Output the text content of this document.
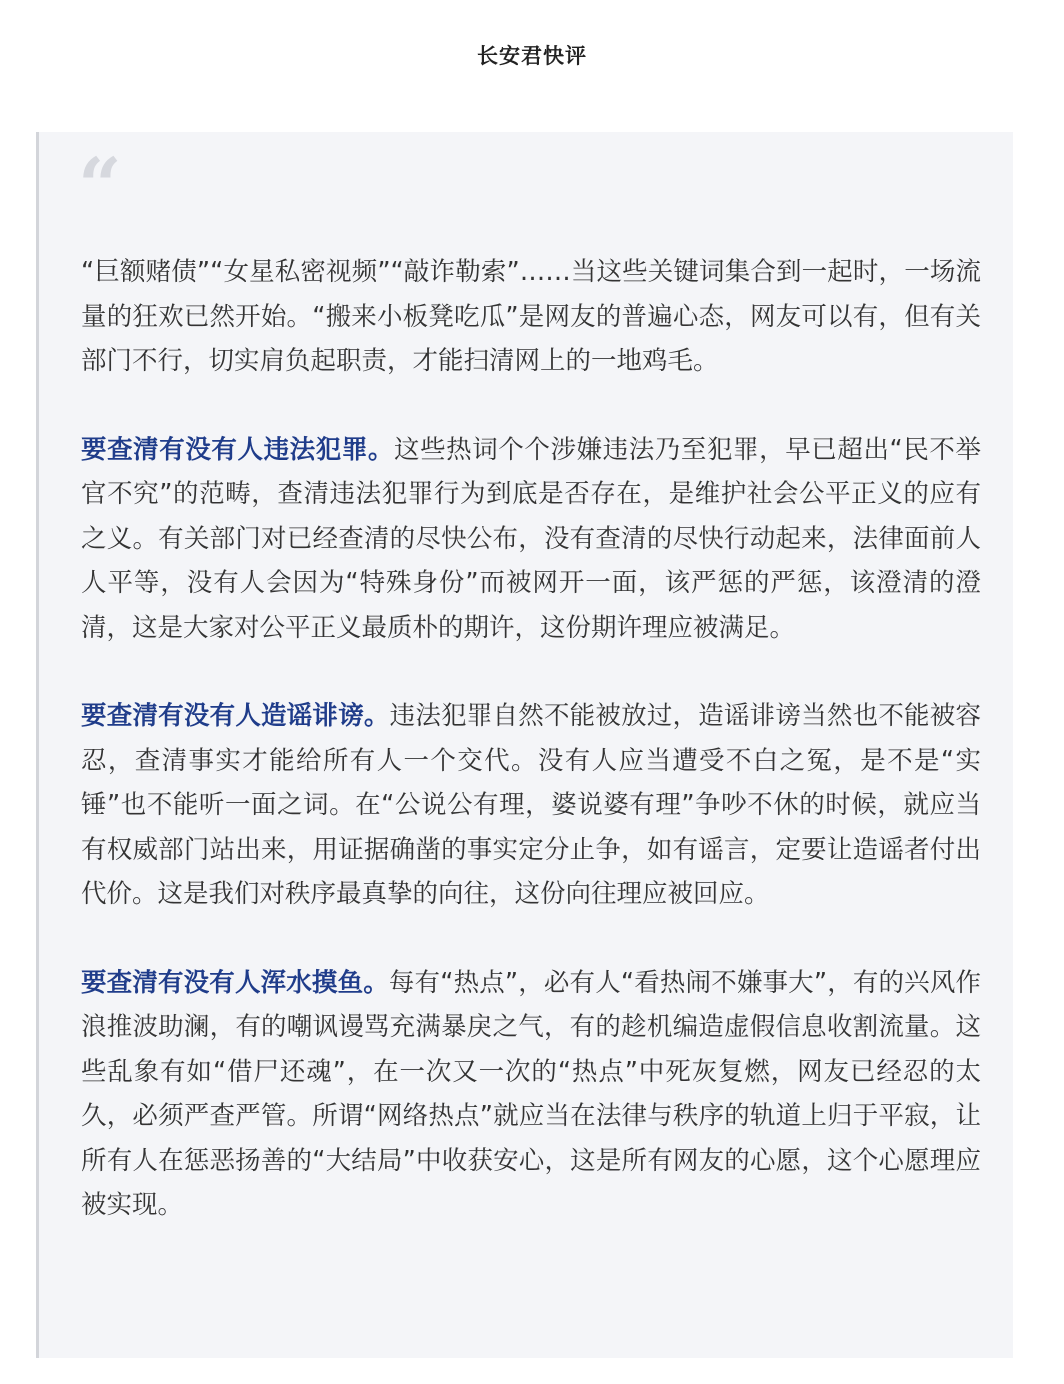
长安君快评
“

“巨额赌债”“女星私密视频”“敲诈勒索”……当这些关键词集合到一起时，一场流量的狂欢已然开始。“搬来小板凳吃瓜”是网友的普遍心态，网友可以有，但有关部门不行，切实肩负起职责，才能扫清网上的一地鸡毛。

要查清有没有人违法犯罪。这些热词个个涉嫌违法乃至犯罪，早已超出“民不举官不究”的范畴，查清违法犯罪行为到底是否存在，是维护社会公平正义的应有之义。有关部门对已经查清的尽快公布，没有查清的尽快行动起来，法律面前人人平等，没有人会因为“特殊身份”而被网开一面，该严惩的严惩，该澄清的澄清，这是大家对公平正义最质朴的期许，这份期许理应被满足。

要查清有没有人造谣诽谤。违法犯罪自然不能被放过，造谣诽谤当然也不能被容忍，查清事实才能给所有人一个交代。没有人应当遭受不白之冤，是不是“实锤”也不能听一面之词。在“公说公有理，婆说婆有理”争吵不休的时候，就应当有权威部门站出来，用证据确凿的事实定分止争，如有谣言，定要让造谣者付出代价。这是我们对秩序最真挚的向往，这份向往理应被回应。

要查清有没有人浑水摸鱼。每有“热点”，必有人“看热闹不嫌事大”，有的兴风作浪推波助澜，有的嘲讽谩骂充满暴戾之气，有的趁机编造虚假信息收割流量。这些乱象有如“借尸还魂”，在一次又一次的“热点”中死灰复燃，网友已经忍的太久，必须严查严管。所谓“网络热点”就应当在法律与秩序的轨道上归于平寂，让所有人在惩恶扬善的“大结局”中收获安心，这是所有网友的心愿，这个心愿理应被实现。
